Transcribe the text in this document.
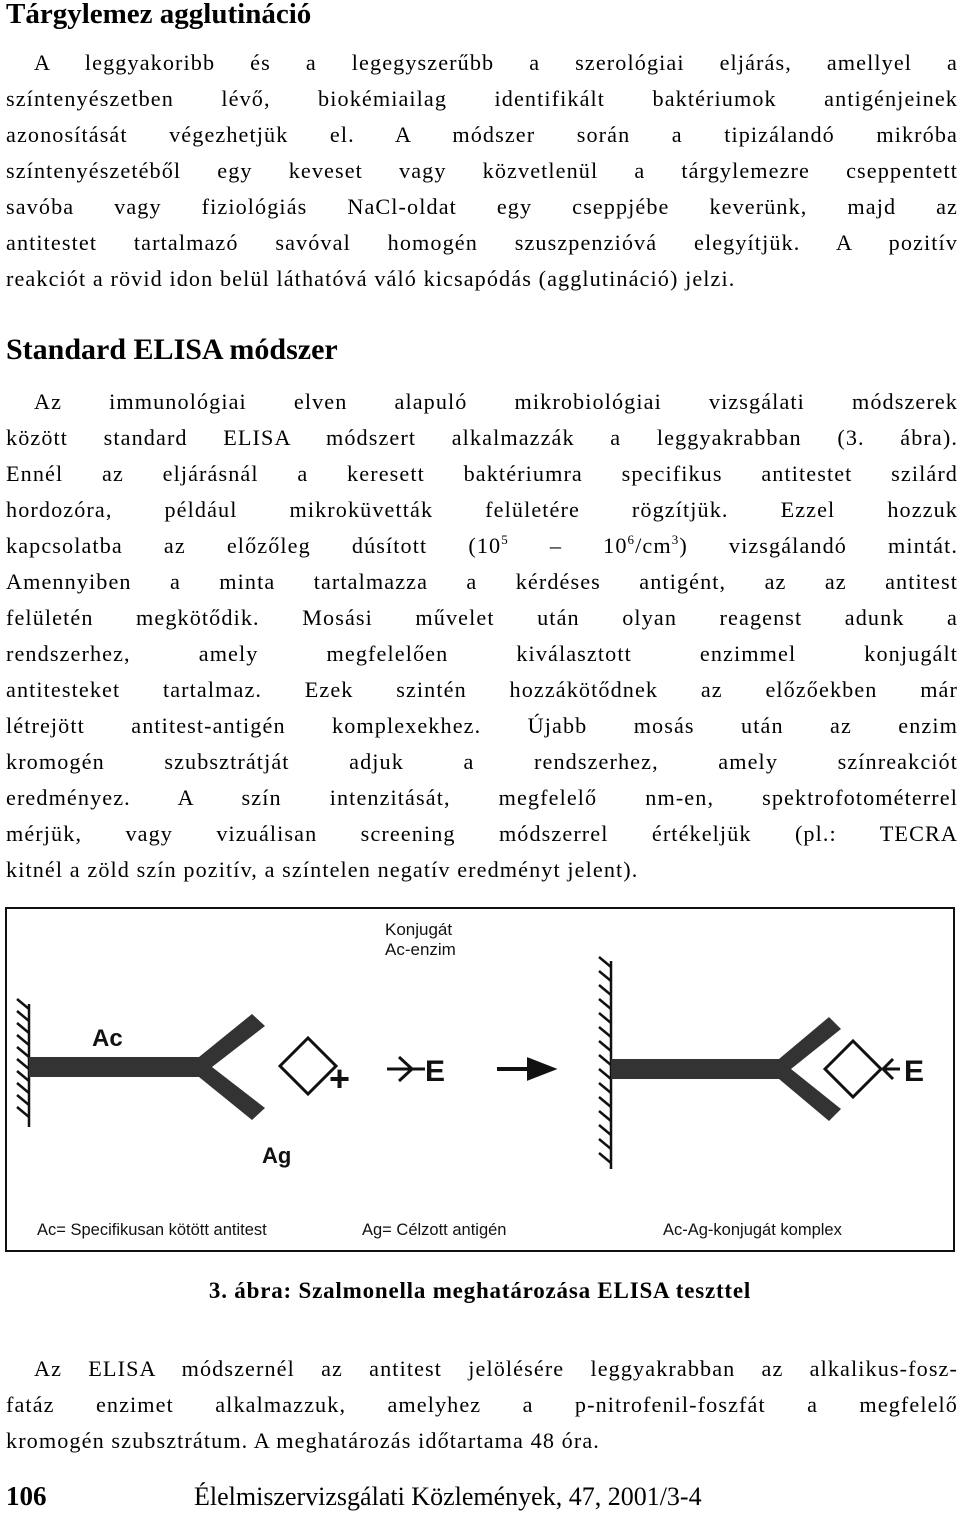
Tárgylemez agglutináció
A leggyakoribb és a legegyszerűbb a szerológiai eljárás, amellyel a
színtenyészetben lévő, biokémiailag identifikált baktériumok antigénjeinek
azonosítását végezhetjük el. A módszer során a tipizálandó mikróba
színtenyészetéből egy keveset vagy közvetlenül a tárgylemezre cseppentett
savóba vagy fiziológiás NaCl-oldat egy cseppjébe keverünk, majd az
antitestet tartalmazó savóval homogén szuszpenzióvá elegyítjük. A pozitív
reakciót a rövid idon belül láthatóvá váló kicsapódás (agglutináció) jelzi.
Standard ELISA módszer
Az immunológiai elven alapuló mikrobiológiai vizsgálati módszerek
között standard ELISA módszert alkalmazzák a leggyakrabban (3. ábra).
Ennél az eljárásnál a keresett baktériumra specifikus antitestet szilárd
hordozóra, például mikroküvetták felületére rögzítjük. Ezzel hozzuk
kapcsolatba az előzőleg dúsított $(10^5 - 10^6/cm^3)$ vizsgálandó mintát.
Amennyiben a minta tartalmazza a kérdéses antigént, az az antitest
felületén megkötődik. Mosási művelet után olyan reagenst adunk a
rendszerhez, amely megfelelően kiválasztott enzimmel konjugált
antitesteket tartalmaz. Ezek szintén hozzákötődnek az előzőekben már
létrejött antitest-antigén komplexekhez. Újabb mosás után az enzim
kromogén szubsztrátját adjuk a rendszerhez, amely színreakciót
eredményez. A szín intenzitását, megfelelő nm-en, spektrofotométerrel
mérjük, vagy vizuálisan screening módszerrel értékeljük (pl.: TECRA
kitnél a zöld szín pozitív, a színtelen negatív eredményt jelent).
Konjugát
Ac-enzim
Ac
Ag
+ E	E
Ac= Specifikusan kötött antitest	Ag= Célzott antigén	Ac-Ag-konjugát komplex

3. ábra: Szalmonella meghatározása ELISA teszttel

Az ELISA módszernél az antitest jelölésére leggyakrabban az alkalikus-fosz-
fatáz enzimet alkalmazzuk, amelyhez a p-nitrofenil-foszfát a megfelelő
kromogén szubsztrátum. A meghatározás időtartama 48 óra.

106	Élelmiszervizsgálati Közlemények, 47, 2001/3-4
